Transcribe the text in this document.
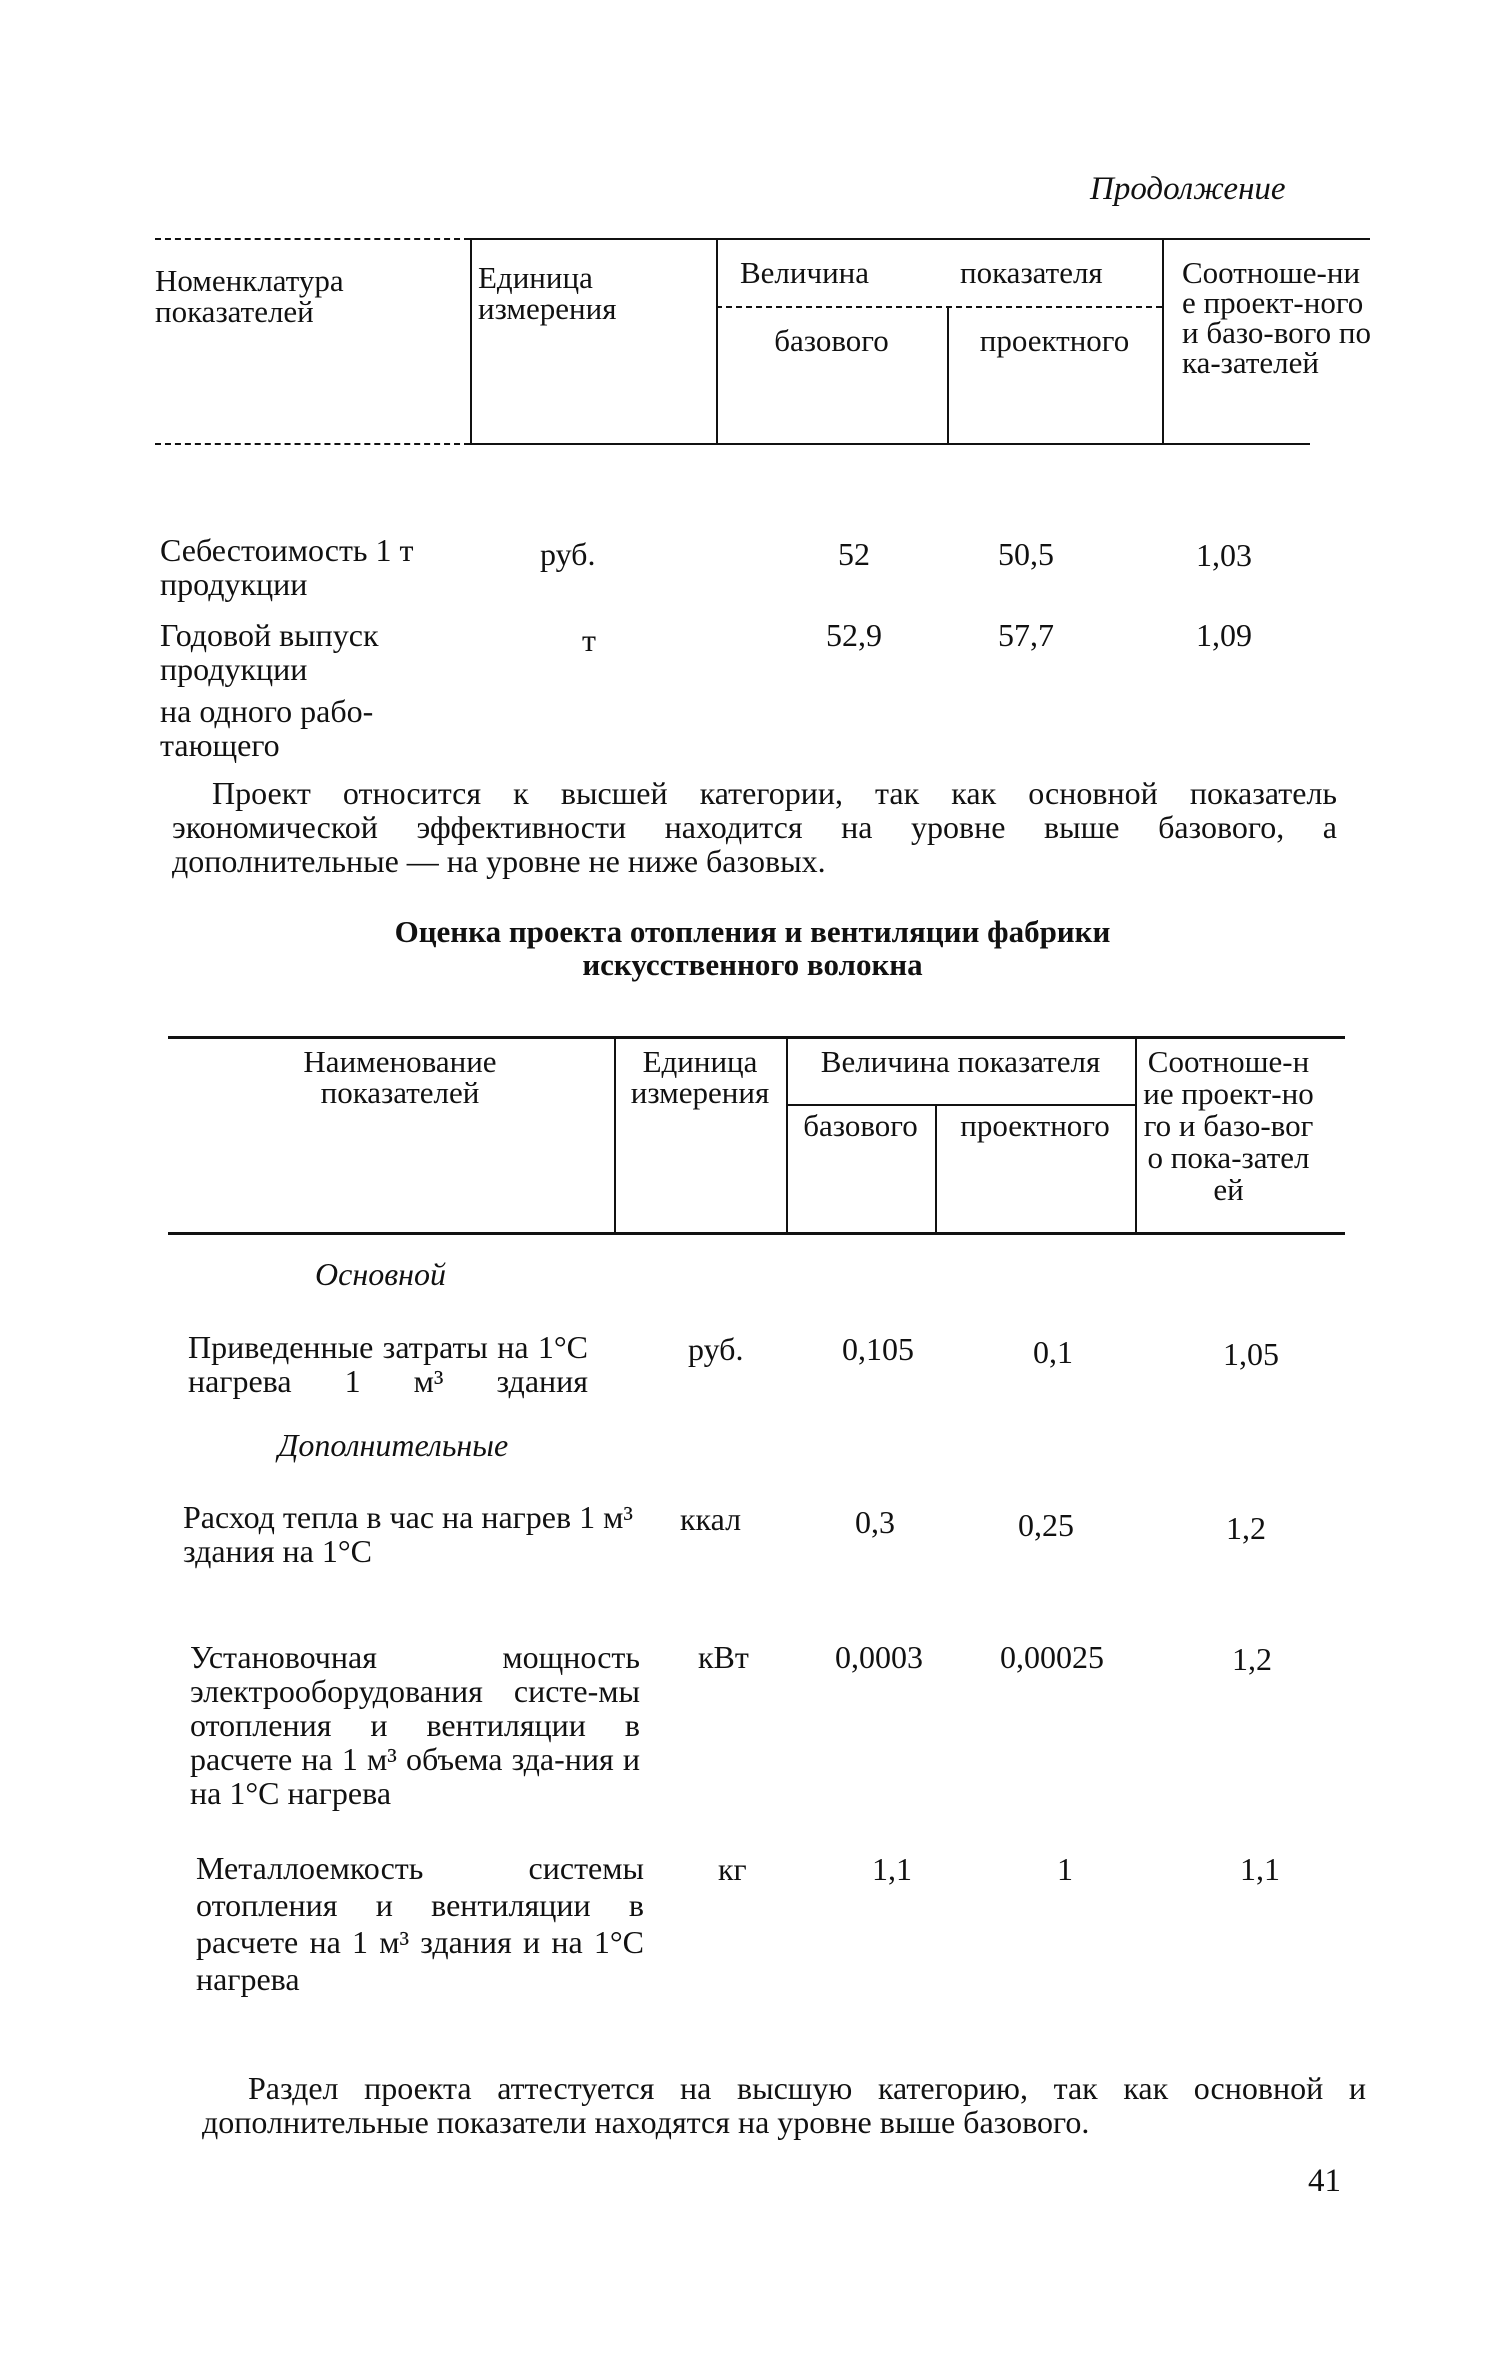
Продолжение
Номенклатура показателей
Единица измерения
Величина	показателя
базового	проектного
Соотноше-ние проект-ного и базо-вого пока-зателей
Себестоимость 1 т продукции
руб.	52	50,5	1,03
Годовой выпуск продукции
на одного рабо-тающего
т	52,9	57,7	1,09
Проект относится к высшей категории, так как основной показатель экономической эффективности находится на уровне выше базового, а дополнительные — на уровне не ниже базовых.
Оценка проекта отопления и вентиляции фабрики
искусственного волокна
Наименование показателей
Единица измерения
Величина показателя
базового	проектного
Соотноше-ние проект-ного и базо-вого пока-зателей
Основной
Приведенные затраты на 1°С нагрева 1 м³ здания
руб.	0,105	0,1	1,05
Дополнительные
Расход тепла в час на нагрев 1 м³ здания на 1°С
ккал	0,3	0,25	1,2
Установочная мощность электрооборудования систе-мы отопления и вентиляции в расчете на 1 м³ объема зда-ния и на 1°С нагрева
кВт	0,0003 0,00025	1,2
Металлоемкость системы отопления и вентиляции в расчете на 1 м³ здания и на 1°С нагрева
кг	1,1	1	1,1
Раздел проекта аттестуется на высшую категорию, так как основной и дополнительные показатели находятся на уровне выше базового.
41
